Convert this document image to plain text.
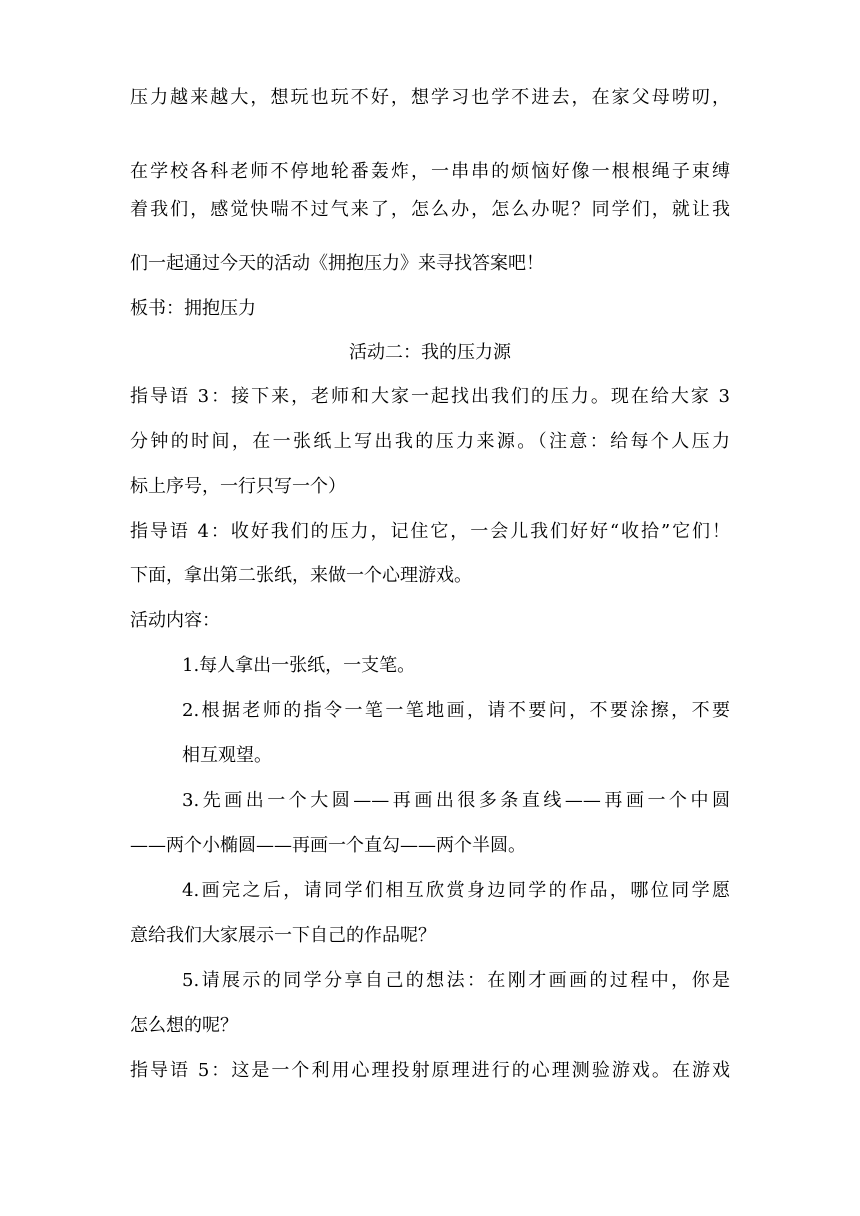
压力越来越大，想玩也玩不好，想学习也学不进去，在家父母唠叨，
在学校各科老师不停地轮番轰炸，一串串的烦恼好像一根根绳子束缚
着我们，感觉快喘不过气来了，怎么办，怎么办呢？同学们，就让我
们一起通过今天的活动《拥抱压力》来寻找答案吧！
板书：拥抱压力
活动二：我的压力源
指导语 3：接下来，老师和大家一起找出我们的压力。现在给大家 3
分钟的时间，在一张纸上写出我的压力来源。（注意：给每个人压力
标上序号，一行只写一个）
指导语 4：收好我们的压力，记住它，一会儿我们好好“收拾”它们！
下面，拿出第二张纸，来做一个心理游戏。
活动内容：
1.每人拿出一张纸，一支笔。
2.根据老师的指令一笔一笔地画，请不要问，不要涂擦，不要
相互观望。
3.先画出一个大圆——再画出很多条直线——再画一个中圆
——两个小椭圆——再画一个直勾——两个半圆。
4.画完之后，请同学们相互欣赏身边同学的作品，哪位同学愿
意给我们大家展示一下自己的作品呢？
5.请展示的同学分享自己的想法：在刚才画画的过程中，你是
怎么想的呢？
指导语 5：这是一个利用心理投射原理进行的心理测验游戏。在游戏
